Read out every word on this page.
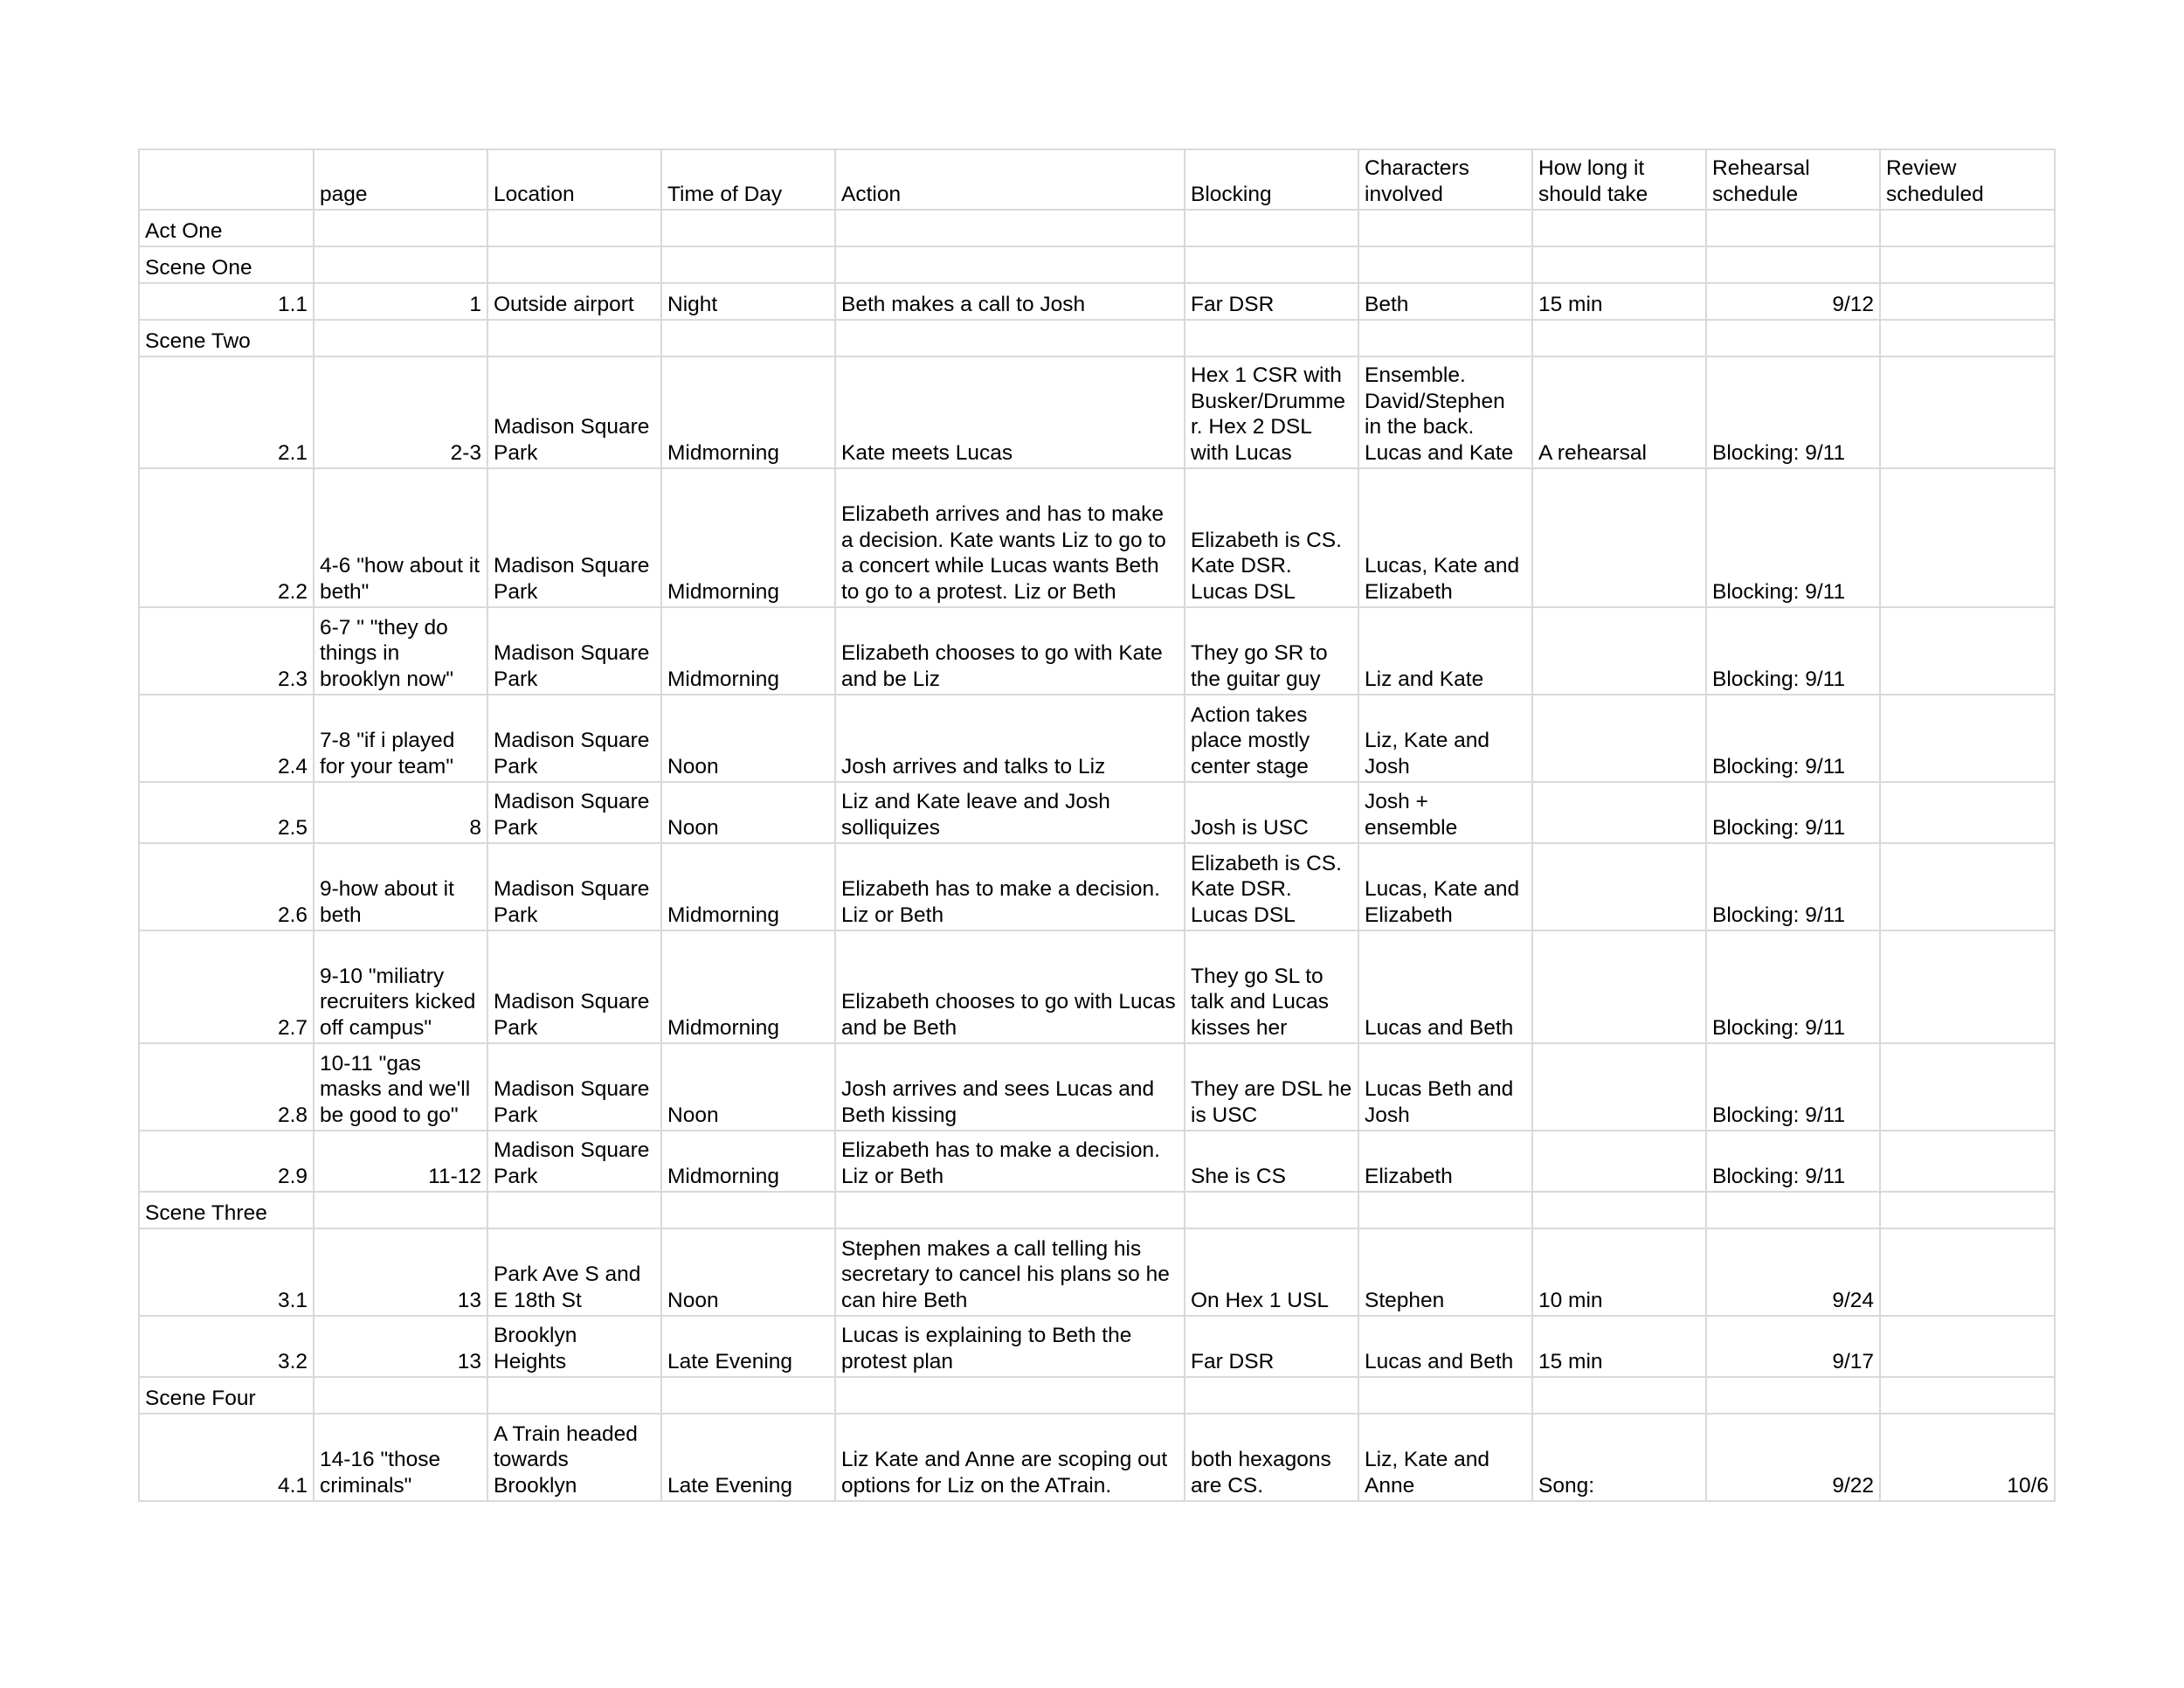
	page	Location	Time of Day	Action	Blocking	Characters involved	How long it should take	Rehearsal schedule	Review scheduled
Act One									
Scene One									
1.1	1	Outside airport	Night	Beth makes a call to Josh	Far DSR	Beth	15 min	9/12	
Scene Two									
2.1	2-3	Madison Square Park	Midmorning	Kate meets Lucas	Hex 1 CSR with Busker/Drummer. Hex 2 DSL with Lucas	Ensemble. David/Stephen in the back. Lucas and Kate	A rehearsal	Blocking: 9/11	
2.2	4-6 "how about it beth"	Madison Square Park	Midmorning	Elizabeth arrives and has to make a decision. Kate wants Liz to go to a concert while Lucas wants Beth to go to a protest. Liz or Beth	Elizabeth is CS. Kate DSR. Lucas DSL	Lucas, Kate and Elizabeth		Blocking: 9/11	
2.3	6-7 " "they do things in brooklyn now"	Madison Square Park	Midmorning	Elizabeth chooses to go with Kate and be Liz	They go SR to the guitar guy	Liz and Kate		Blocking: 9/11	
2.4	7-8 "if i played for your team"	Madison Square Park	Noon	Josh arrives and talks to Liz	Action takes place mostly center stage	Liz, Kate and Josh		Blocking: 9/11	
2.5	8	Madison Square Park	Noon	Liz and Kate leave and Josh solliquizes	Josh is USC	Josh + ensemble		Blocking: 9/11	
2.6	9-how about it beth	Madison Square Park	Midmorning	Elizabeth has to make a decision. Liz or Beth	Elizabeth is CS. Kate DSR. Lucas DSL	Lucas, Kate and Elizabeth		Blocking: 9/11	
2.7	9-10 "miliatry recruiters kicked off campus"	Madison Square Park	Midmorning	Elizabeth chooses to go with Lucas and be Beth	They go SL to talk and Lucas kisses her	Lucas and Beth		Blocking: 9/11	
2.8	10-11 "gas masks and we'll be good to go"	Madison Square Park	Noon	Josh arrives and sees Lucas and Beth kissing	They are DSL he is USC	Lucas Beth and Josh		Blocking: 9/11	
2.9	11-12	Madison Square Park	Midmorning	Elizabeth has to make a decision. Liz or Beth	She is CS	Elizabeth		Blocking: 9/11	
Scene Three									
3.1	13	Park Ave S and E 18th St	Noon	Stephen makes a call telling his secretary to cancel his plans so he can hire Beth	On Hex 1 USL	Stephen	10 min	9/24	
3.2	13	Brooklyn Heights	Late Evening	Lucas is explaining to Beth the protest plan	Far DSR	Lucas and Beth	15 min	9/17	
Scene Four									
4.1	14-16 "those criminals"	A Train headed towards Brooklyn	Late Evening	Liz Kate and Anne are scoping out options for Liz on the ATrain.	both hexagons are CS.	Liz, Kate and Anne	Song:	9/22	10/6
